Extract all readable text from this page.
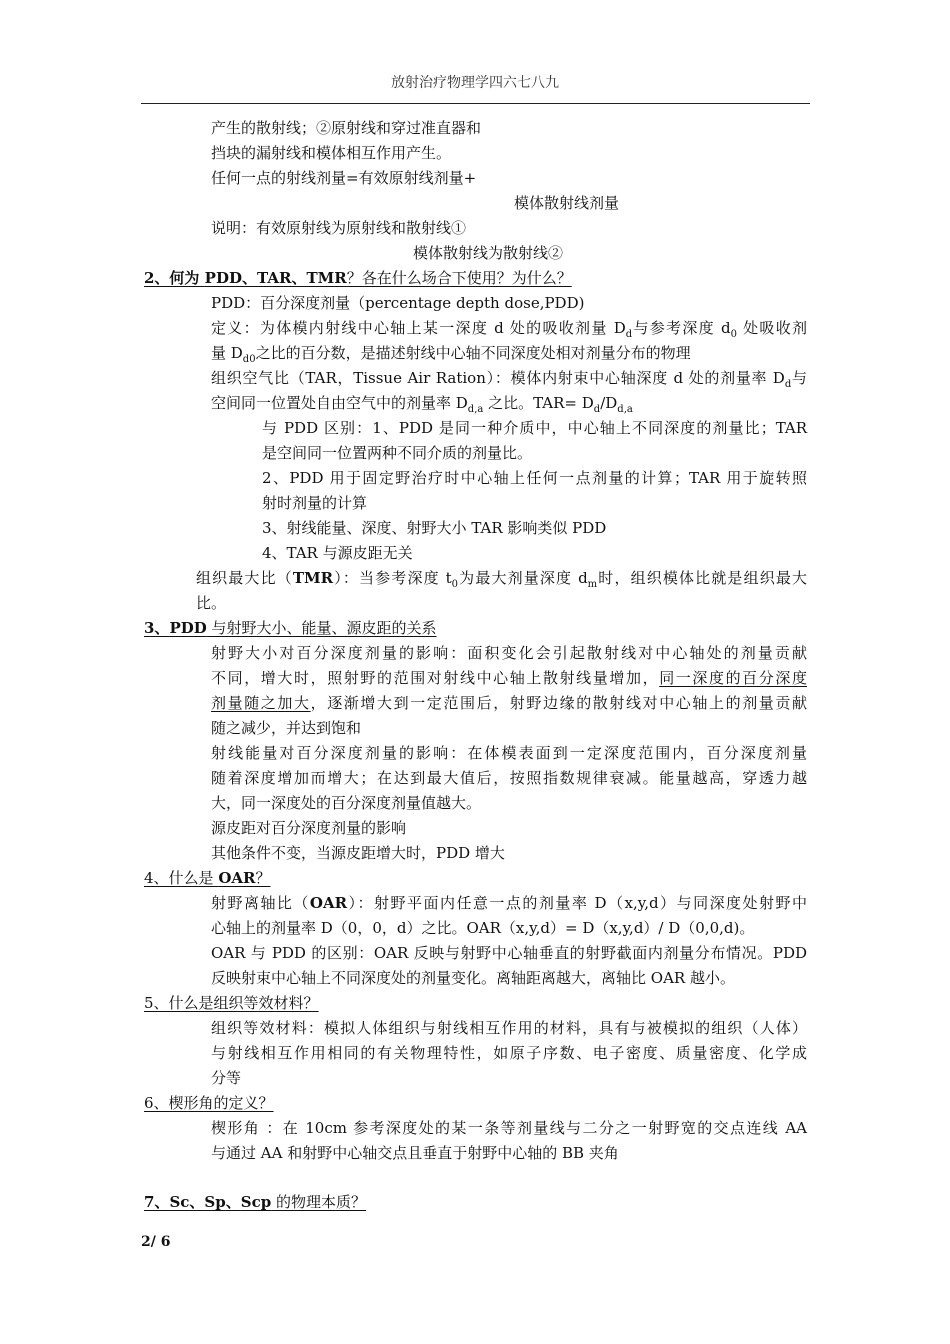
放射治疗物理学四六七八九
产生的散射线；②原射线和穿过准直器和
挡块的漏射线和模体相互作用产生。
任何一点的射线剂量=有效原射线剂量+
模体散射线剂量
说明：有效原射线为原射线和散射线①
模体散射线为散射线②
2、何为 PDD、TAR、TMR？各在什么场合下使用？为什么？
PDD：百分深度剂量（percentage depth dose,PDD)
定义：为体模内射线中心轴上某一深度 d 处的吸收剂量 $D_d$与参考深度 $d_0$ 处吸收剂
量 $D_{d0}$之比的百分数，是描述射线中心轴不同深度处相对剂量分布的物理
组织空气比（TAR，Tissue Air Ration）：模体内射束中心轴深度 d 处的剂量率 $D_d$与
空间同一位置处自由空气中的剂量率 $D_{d,a}$ 之比。$TAR= D_d/D_{d,a}$
与 PDD 区别：1、PDD 是同一种介质中，中心轴上不同深度的剂量比；TAR
是空间同一位置两种不同介质的剂量比。
2、PDD 用于固定野治疗时中心轴上任何一点剂量的计算；TAR 用于旋转照
射时剂量的计算
3、射线能量、深度、射野大小 TAR 影响类似 PDD
4、TAR 与源皮距无关
组织最大比（TMR）：当参考深度 $t_0$为最大剂量深度 $d_m$时，组织模体比就是组织最大
比。
3、PDD 与射野大小、能量、源皮距的关系
射野大小对百分深度剂量的影响：面积变化会引起散射线对中心轴处的剂量贡献
不同，增大时，照射野的范围对射线中心轴上散射线量增加，同一深度的百分深度
剂量随之加大，逐渐增大到一定范围后，射野边缘的散射线对中心轴上的剂量贡献
随之减少，并达到饱和
射线能量对百分深度剂量的影响：在体模表面到一定深度范围内，百分深度剂量
随着深度增加而增大；在达到最大值后，按照指数规律衰减。能量越高，穿透力越
大，同一深度处的百分深度剂量值越大。
源皮距对百分深度剂量的影响
其他条件不变，当源皮距增大时，PDD 增大
4、什么是 OAR？
射野离轴比（OAR）：射野平面内任意一点的剂量率 D（x,y,d）与同深度处射野中
心轴上的剂量率 D（0，0，d）之比。OAR（x,y,d）= D（x,y,d）/ D（0,0,d)。
OAR 与 PDD 的区别：OAR 反映与射野中心轴垂直的射野截面内剂量分布情况。PDD
反映射束中心轴上不同深度处的剂量变化。离轴距离越大，离轴比 OAR 越小。
5、什么是组织等效材料？
组织等效材料：模拟人体组织与射线相互作用的材料，具有与被模拟的组织（人体）
与射线相互作用相同的有关物理特性，如原子序数、电子密度、质量密度、化学成
分等
6、楔形角的定义？
楔形角 ：在 10cm 参考深度处的某一条等剂量线与二分之一射野宽的交点连线 AA
与通过 AA 和射野中心轴交点且垂直于射野中心轴的 BB 夹角
7、Sc、Sp、Scp 的物理本质？
2/ 6
